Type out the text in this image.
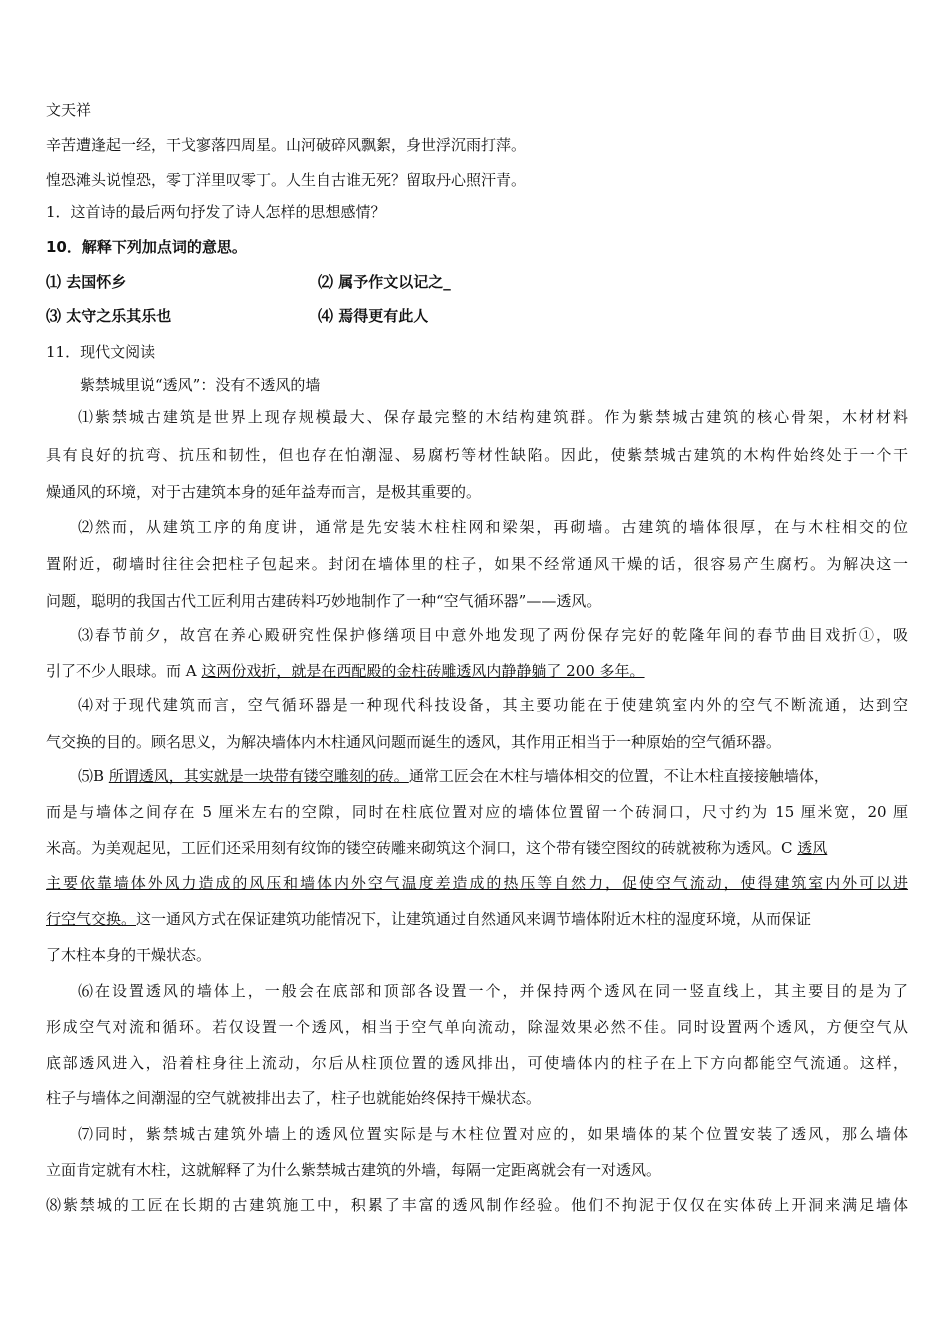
文天祥
辛苦遭逢起一经，干戈寥落四周星。山河破碎风飘絮，身世浮沉雨打萍。
惶恐滩头说惶恐，零丁洋里叹零丁。人生自古谁无死？留取丹心照汗青。
1．这首诗的最后两句抒发了诗人怎样的思想感情？
10．解释下列加点词的意思。
⑴ 去国怀乡	⑵ 属予作文以记之_
⑶ 太守之乐其乐也	⑷ 焉得更有此人
11．现代文阅读
紫禁城里说“透风”：没有不透风的墙
⑴紫禁城古建筑是世界上现存规模最大、保存最完整的木结构建筑群。作为紫禁城古建筑的核心骨架，木材材料
具有良好的抗弯、抗压和韧性，但也存在怕潮湿、易腐朽等材性缺陷。因此，使紫禁城古建筑的木构件始终处于一个干
燥通风的环境，对于古建筑本身的延年益寿而言，是极其重要的。
⑵然而，从建筑工序的角度讲，通常是先安装木柱柱网和梁架，再砌墙。古建筑的墙体很厚，在与木柱相交的位
置附近，砌墙时往往会把柱子包起来。封闭在墙体里的柱子，如果不经常通风干燥的话，很容易产生腐朽。为解决这一
问题，聪明的我国古代工匠利用古建砖料巧妙地制作了一种“空气循环器”——透风。
⑶春节前夕，故宫在养心殿研究性保护修缮项目中意外地发现了两份保存完好的乾隆年间的春节曲目戏折①，吸
引了不少人眼球。而 A 这两份戏折，就是在西配殿的金柱砖雕透风内静静躺了 200 多年。
⑷对于现代建筑而言，空气循环器是一种现代科技设备，其主要功能在于使建筑室内外的空气不断流通，达到空
气交换的目的。顾名思义，为解决墙体内木柱通风问题而诞生的透风，其作用正相当于一种原始的空气循环器。
⑸B 所谓透风，其实就是一块带有镂空雕刻的砖。通常工匠会在木柱与墙体相交的位置，不让木柱直接接触墙体，
而是与墙体之间存在 5 厘米左右的空隙，同时在柱底位置对应的墙体位置留一个砖洞口，尺寸约为 15 厘米宽，20 厘
米高。为美观起见，工匠们还采用刻有纹饰的镂空砖雕来砌筑这个洞口，这个带有镂空图纹的砖就被称为透风。C 透风
主要依靠墙体外风力造成的风压和墙体内外空气温度差造成的热压等自然力，促使空气流动，使得建筑室内外可以进
行空气交换。这一通风方式在保证建筑功能情况下，让建筑通过自然通风来调节墙体附近木柱的湿度环境，从而保证
了木柱本身的干燥状态。
⑹在设置透风的墙体上，一般会在底部和顶部各设置一个，并保持两个透风在同一竖直线上，其主要目的是为了
形成空气对流和循环。若仅设置一个透风，相当于空气单向流动，除湿效果必然不佳。同时设置两个透风，方便空气从
底部透风进入，沿着柱身往上流动，尔后从柱顶位置的透风排出，可使墙体内的柱子在上下方向都能空气流通。这样，
柱子与墙体之间潮湿的空气就被排出去了，柱子也就能始终保持干燥状态。
⑺同时，紫禁城古建筑外墙上的透风位置实际是与木柱位置对应的，如果墙体的某个位置安装了透风，那么墙体
立面肯定就有木柱，这就解释了为什么紫禁城古建筑的外墙，每隔一定距离就会有一对透风。
⑻紫禁城的工匠在长期的古建筑施工中，积累了丰富的透风制作经验。他们不拘泥于仅仅在实体砖上开洞来满足墙体
